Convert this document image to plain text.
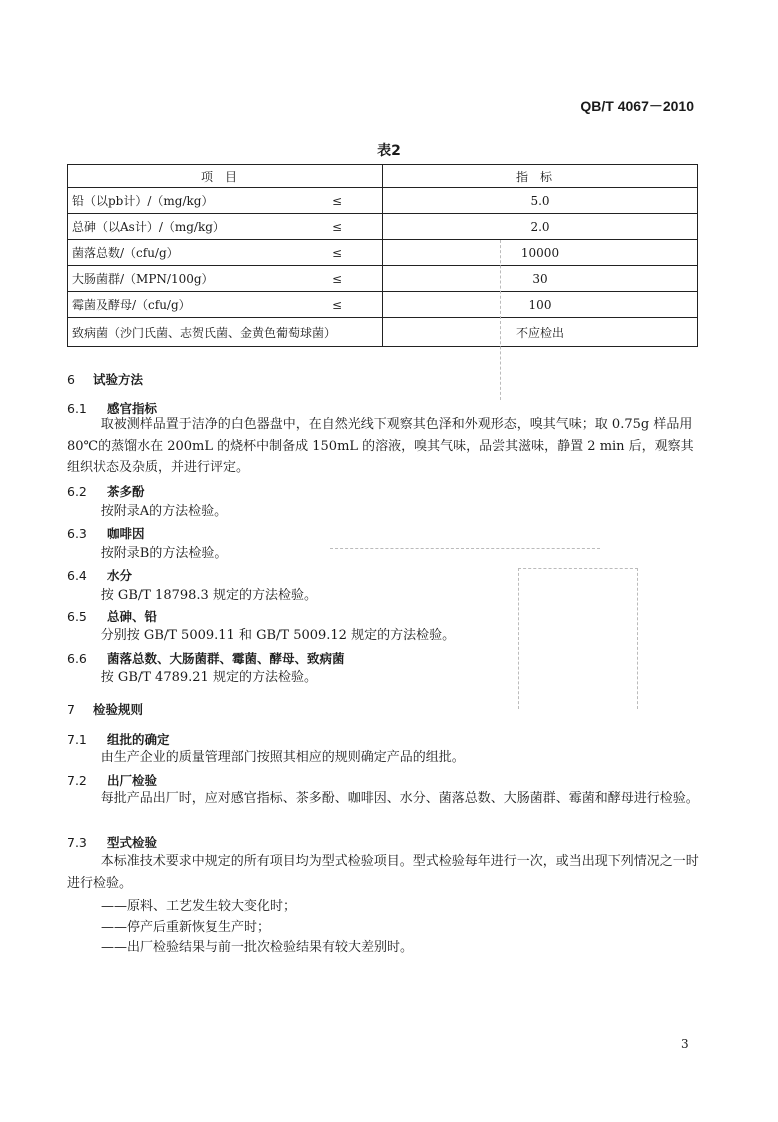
QB/T 4067－2010
表2
项目	指标
铅（以pb计）/（mg/kg） ≤	5.0
总砷（以As计）/（mg/kg） ≤	2.0
菌落总数/（cfu/g） ≤	10000
大肠菌群/（MPN/100g） ≤	30
霉菌及酵母/（cfu/g） ≤	100
致病菌（沙门氏菌、志贺氏菌、金黄色葡萄球菌）	不应检出
6 试验方法
6.1 感官指标
取被测样品置于洁净的白色器盘中，在自然光线下观察其色泽和外观形态，嗅其气味；取 0.75g 样品用 80℃的蒸馏水在 200mL 的烧杯中制备成 150mL 的溶液，嗅其气味，品尝其滋味，静置 2 min 后，观察其组织状态及杂质，并进行评定。
6.2 茶多酚
按附录A的方法检验。
6.3 咖啡因
按附录B的方法检验。
6.4 水分
按 GB/T 18798.3 规定的方法检验。
6.5 总砷、铅
分别按 GB/T 5009.11 和 GB/T 5009.12 规定的方法检验。
6.6 菌落总数、大肠菌群、霉菌、酵母、致病菌
按 GB/T 4789.21 规定的方法检验。
7 检验规则
7.1 组批的确定
由生产企业的质量管理部门按照其相应的规则确定产品的组批。
7.2 出厂检验
每批产品出厂时，应对感官指标、茶多酚、咖啡因、水分、菌落总数、大肠菌群、霉菌和酵母进行检验。
7.3 型式检验
本标准技术要求中规定的所有项目均为型式检验项目。型式检验每年进行一次，或当出现下列情况之一时进行检验。
——原料、工艺发生较大变化时；
——停产后重新恢复生产时；
——出厂检验结果与前一批次检验结果有较大差别时。
3
